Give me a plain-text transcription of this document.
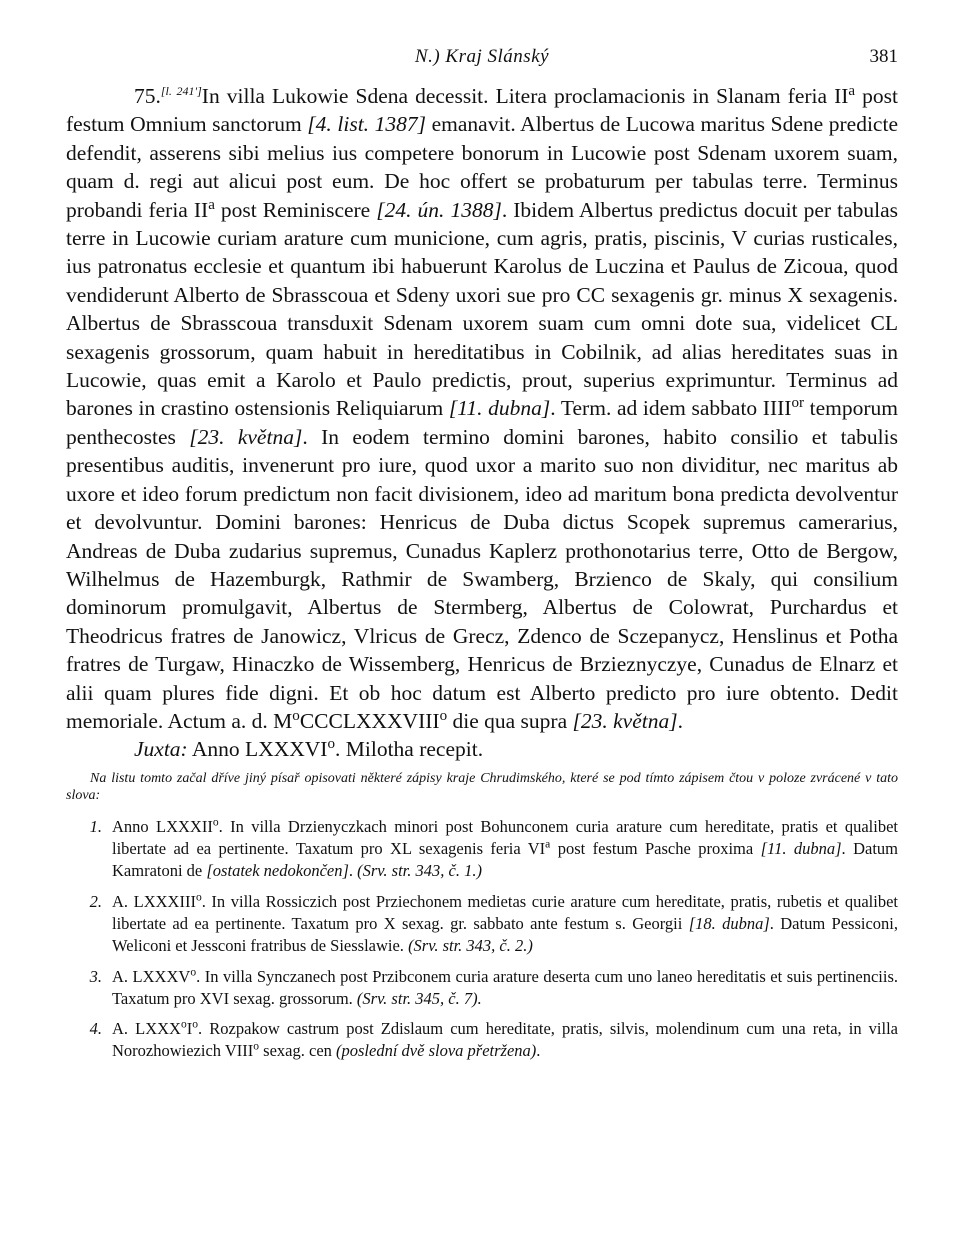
N.) Kraj Slánský	381

75.[l. 241']In villa Lukowie Sdena decessit. Litera proclamacionis in Slanam feria $II^a$ post festum Omnium sanctorum [4. list. 1387] emanavit. Albertus de Lucowa maritus Sdene predicte defendit, asserens sibi melius ius competere bonorum in Lucowie post Sdenam uxorem suam, quam d. regi aut alicui post eum. De hoc offert se probaturum per tabulas terre. Terminus probandi feria $II^a$ post Reminiscere [24. ún. 1388]. Ibidem Albertus predictus docuit per tabulas terre in Lucowie curiam arature cum municione, cum agris, pratis, piscinis, V curias rusticales, ius patronatus ecclesie et quantum ibi habuerunt Karolus de Luczina et Paulus de Zicoua, quod vendiderunt Alberto de Sbrasscoua et Sdeny uxori sue pro CC sexagenis gr. minus X sexagenis. Albertus de Sbrasscoua transduxit Sdenam uxorem suam cum omni dote sua, videlicet CL sexagenis grossorum, quam habuit in hereditatibus in Cobilnik, ad alias hereditates suas in Lucowie, quas emit a Karolo et Paulo predictis, prout, superius exprimuntur. Terminus ad barones in crastino ostensionis Reliquiarum [11. dubna]. Term. ad idem sabbato $IIII^{or}$ temporum penthecostes [23. května]. In eodem termino domini barones, habito consilio et tabulis presentibus auditis, invenerunt pro iure, quod uxor a marito suo non dividitur, nec maritus ab uxore et ideo forum predictum non facit divisionem, ideo ad maritum bona predicta devolventur et devolvuntur. Domini barones: Henricus de Duba dictus Scopek supremus camerarius, Andreas de Duba zudarius supremus, Cunadus Kaplerz prothonotarius terre, Otto de Bergow, Wilhelmus de Hazemburgk, Rathmir de Swamberg, Brzienco de Skaly, qui consilium dominorum promulgavit, Albertus de Stermberg, Albertus de Colowrat, Purchardus et Theodricus fratres de Janowicz, Vlricus de Grecz, Zdenco de Sczepanycz, Henslinus et Potha fratres de Turgaw, Hinaczko de Wissemberg, Henricus de Brzieznyczye, Cunadus de Elnarz et alii quam plures fide digni. Et ob hoc datum est Alberto predicto pro iure obtento. Dedit memoriale. Actum a. d. $M^oCCCLXXXVIII^o$ die qua supra [23. května].

Juxta: Anno LXXXVI$^o$. Milotha recepit.

Na listu tomto začal dříve jiný písař opisovati některé zápisy kraje Chrudimského, které se pod tímto zápisem čtou v poloze zvrácené v tato slova:
1. Anno LXXXII$^o$. In villa Drzienyczkach minori post Bohunconem curia arature cum hereditate, pratis et qualibet libertate ad ea pertinente. Taxatum pro XL sexagenis feria $VI^a$ post festum Pasche proxima [11. dubna]. Datum Kamratoni de [ostatek nedokončen]. (Srv. str. 343, č. 1.)
2. A. LXXXIII$^o$. In villa Rossiczich post Prziechonem medietas curie arature cum hereditate, pratis, rubetis et qualibet libertate ad ea pertinente. Taxatum pro X sexag. gr. sabbato ante festum s. Georgii [18. dubna]. Datum Pessiconi, Weliconi et Jessconi fratribus de Siesslawie. (Srv. str. 343, č. 2.)
3. A. LXXXV$^o$. In villa Synczanech post Przibconem curia arature deserta cum uno laneo hereditatis et suis pertinenciis. Taxatum pro XVI sexag. grossorum. (Srv. str. 345, č. 7).
4. A. $LXXX^oI^o$. Rozpakow castrum post Zdislaum cum hereditate, pratis, silvis, molendinum cum una reta, in villa Norozhowiezich VIII$^o$ sexag. cen (poslední dvě slova přetržena).
